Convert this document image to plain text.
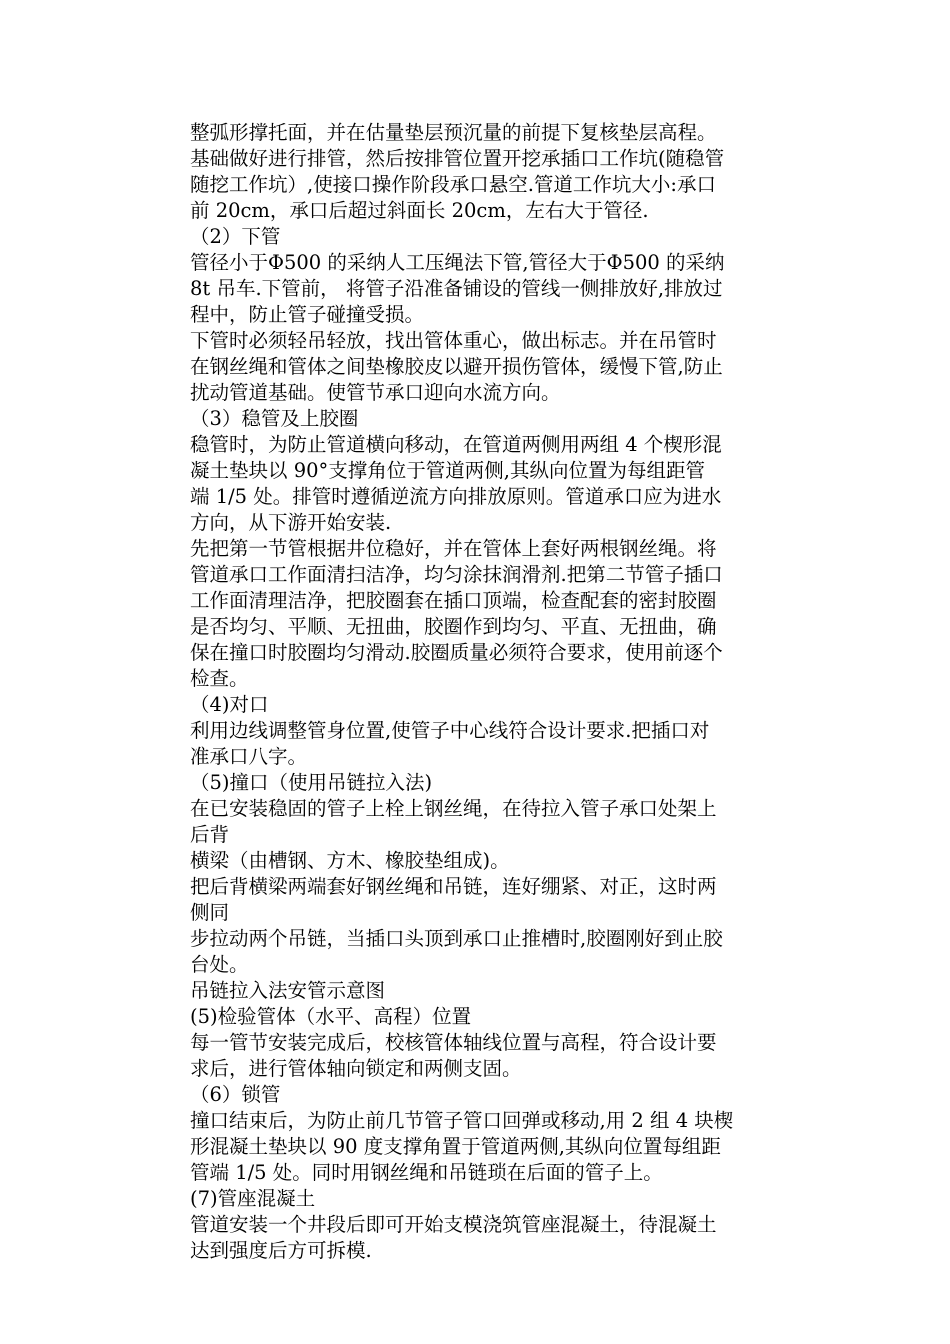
整弧形撑托面，并在估量垫层预沉量的前提下复核垫层高程。

基础做好进行排管，然后按排管位置开挖承插口工作坑(随稳管

随挖工作坑）,使接口操作阶段承口悬空.管道工作坑大小:承口

前 20cm，承口后超过斜面长 20cm，左右大于管径.

（2）下管

管径小于Φ500 的采纳人工压绳法下管,管径大于Φ500 的采纳

8t 吊车.下管前， 将管子沿准备铺设的管线一侧排放好,排放过

程中，防止管子碰撞受损。

下管时必须轻吊轻放，找出管体重心，做出标志。并在吊管时

在钢丝绳和管体之间垫橡胶皮以避开损伤管体，缓慢下管,防止

扰动管道基础。使管节承口迎向水流方向。

（3）稳管及上胶圈

稳管时，为防止管道横向移动，在管道两侧用两组 4 个楔形混

凝土垫块以 90°支撑角位于管道两侧,其纵向位置为每组距管

端 1/5 处。排管时遵循逆流方向排放原则。管道承口应为进水

方向，从下游开始安装.

先把第一节管根据井位稳好，并在管体上套好两根钢丝绳。将

管道承口工作面清扫洁净，均匀涂抹润滑剂.把第二节管子插口

工作面清理洁净，把胶圈套在插口顶端，检查配套的密封胶圈

是否均匀、平顺、无扭曲，胶圈作到均匀、平直、无扭曲，确

保在撞口时胶圈均匀滑动.胶圈质量必须符合要求，使用前逐个

检查。

（4)对口

利用边线调整管身位置,使管子中心线符合设计要求.把插口对

准承口八字。

（5)撞口（使用吊链拉入法)

在已安装稳固的管子上栓上钢丝绳，在待拉入管子承口处架上

后背

横梁（由槽钢、方木、橡胶垫组成)。

把后背横梁两端套好钢丝绳和吊链，连好绷紧、对正，这时两

侧同

步拉动两个吊链，当插口头顶到承口止推槽时,胶圈刚好到止胶

台处。

吊链拉入法安管示意图

(5)检验管体（水平、高程）位置

每一管节安装完成后，校核管体轴线位置与高程，符合设计要

求后，进行管体轴向锁定和两侧支固。

（6）锁管

撞口结束后，为防止前几节管子管口回弹或移动,用 2 组 4 块楔

形混凝土垫块以 90 度支撑角置于管道两侧,其纵向位置每组距

管端 1/5 处。同时用钢丝绳和吊链琐在后面的管子上。

(7)管座混凝土

管道安装一个井段后即可开始支模浇筑管座混凝土，待混凝土

达到强度后方可拆模.
